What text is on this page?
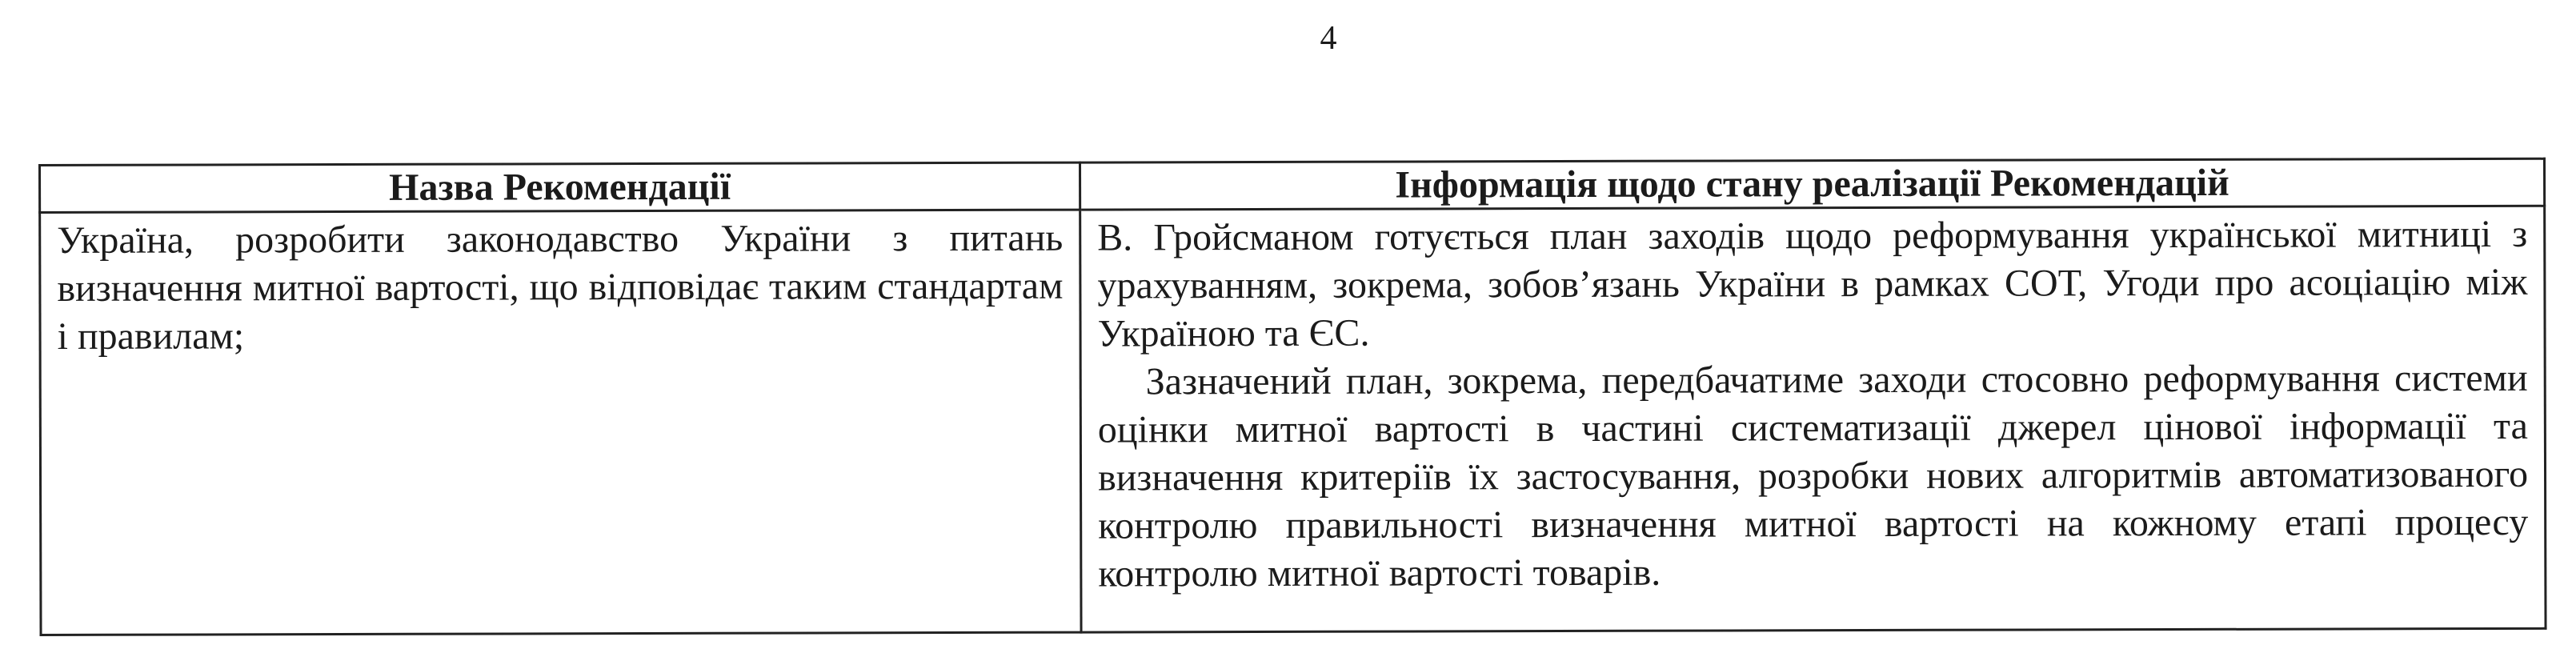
4
Назва Рекомендації	Інформація щодо стану реалізації Рекомендацій

Україна, розробити законодавство України з питань визначення митної вартості, що відповідає таким стандартам і правилам;	В. Гройсманом готується план заходів щодо реформування української митниці з урахуванням, зокрема, зобов’язань України в рамках СОТ, Угоди про асоціацію між Україною та ЄС.

Зазначений план, зокрема, передбачатиме заходи стосовно реформування системи оцінки митної вартості в частині систематизації джерел цінової інформації та визначення критеріїв їх застосування, розробки нових алгоритмів автоматизованого контролю правильності визначення митної вартості на кожному етапі процесу контролю митної вартості товарів.
